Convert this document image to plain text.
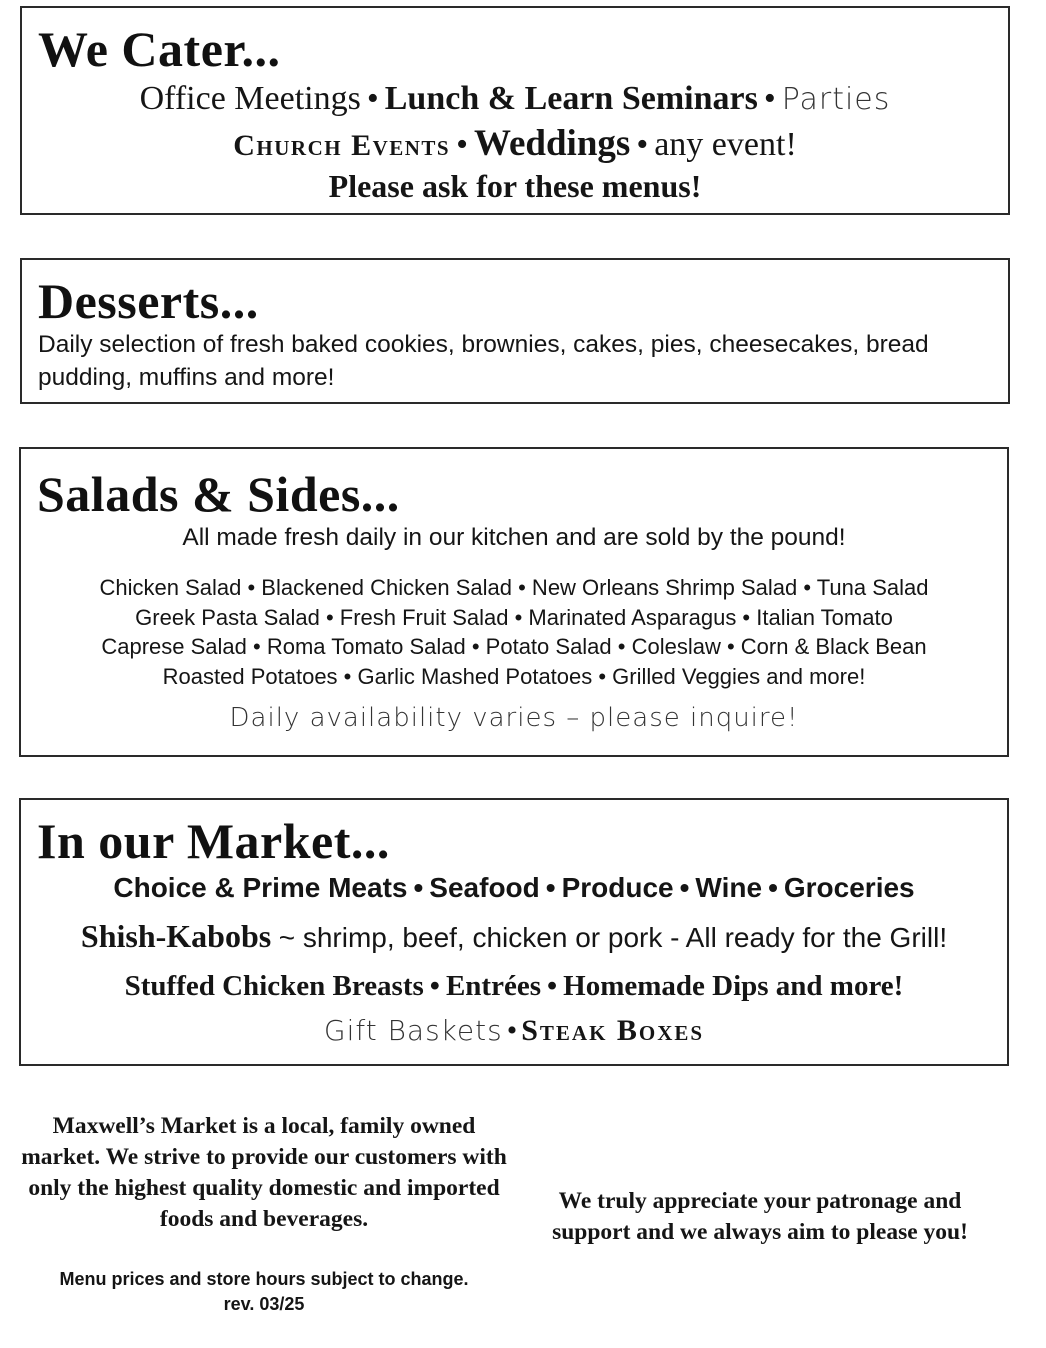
We Cater...
Office Meetings • Lunch & Learn Seminars • Parties
Church Events • Weddings • any event!
Please ask for these menus!
Desserts...
Daily selection of fresh baked cookies, brownies, cakes, pies, cheesecakes, bread pudding, muffins and more!
Salads & Sides...
All made fresh daily in our kitchen and are sold by the pound!
Chicken Salad • Blackened Chicken Salad • New Orleans Shrimp Salad • Tuna Salad
Greek Pasta Salad • Fresh Fruit Salad • Marinated Asparagus • Italian Tomato
Caprese Salad • Roma Tomato Salad • Potato Salad • Coleslaw • Corn & Black Bean
Roasted Potatoes • Garlic Mashed Potatoes • Grilled Veggies and more!
Daily availability varies – please inquire!
In our Market...
Choice & Prime Meats • Seafood • Produce • Wine • Groceries
Shish-Kabobs ~ shrimp, beef, chicken or pork - All ready for the Grill!
Stuffed Chicken Breasts • Entrées • Homemade Dips and more!
Gift Baskets • Steak Boxes
Maxwell’s Market is a local, family owned market. We strive to provide our customers with only the highest quality domestic and imported foods and beverages.
We truly appreciate your patronage and support and we always aim to please you!
Menu prices and store hours subject to change.
rev. 03/25
